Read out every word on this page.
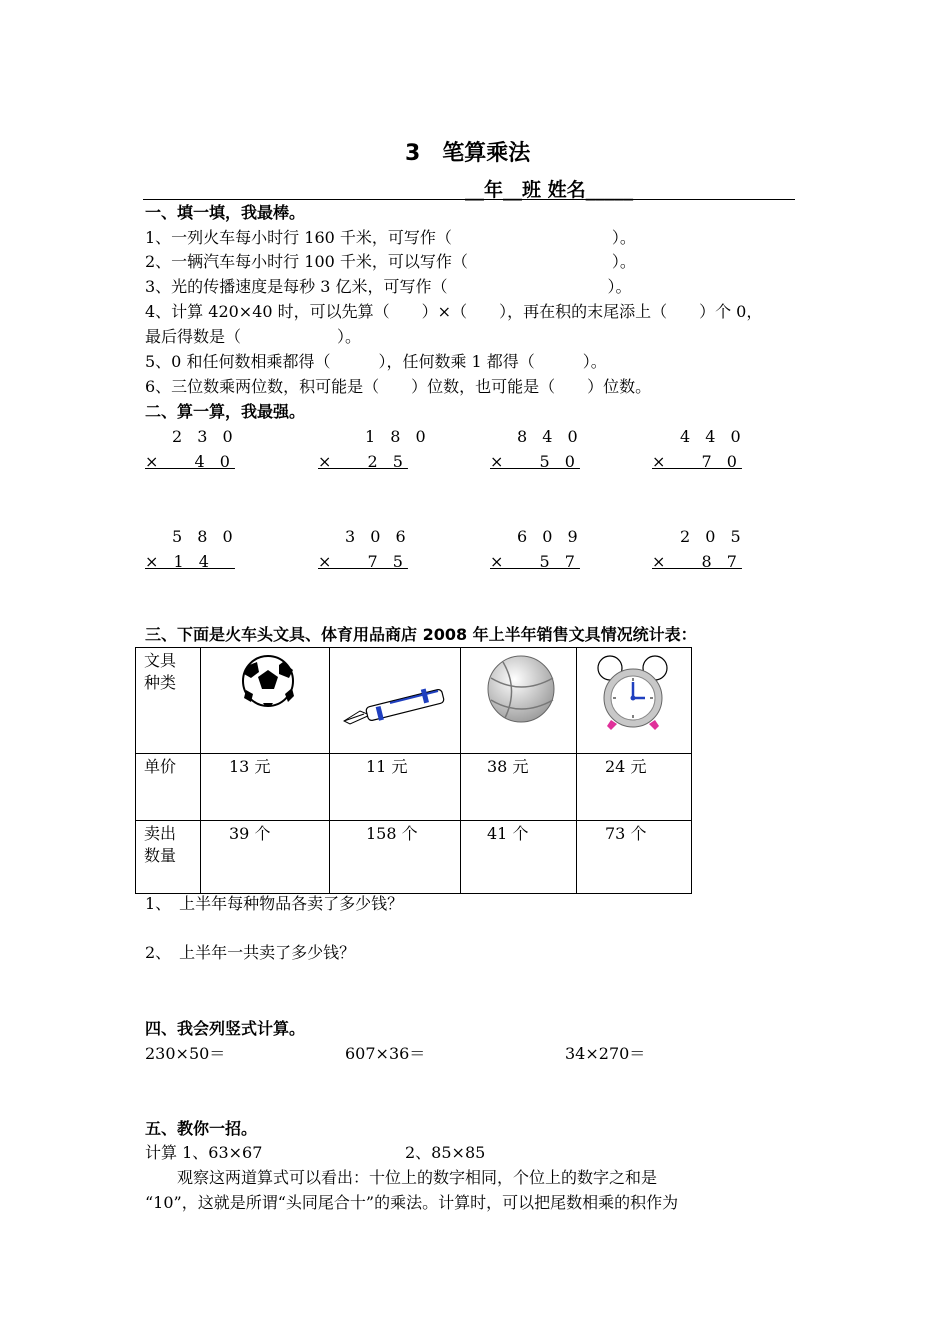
3　笔算乘法
__年__班 姓名_____
一、填一填，我最棒。
1、一列火车每小时行 160 千米，可写作（　　　　　　　　　　）。
2、一辆汽车每小时行 100 千米，可以写作（　　　　　　　　　）。
3、光的传播速度是每秒 3 亿米，可写作（　　　　　　　　　　）。
4、计算 420×40 时，可以先算（　　）×（　　），再在积的末尾添上（　　）个 0，
最后得数是（　　　　　　）。
5、0 和任何数相乘都得（　　　），任何数乘 1 都得（　　　）。
6、三位数乘两位数，积可能是（　　）位数，也可能是（　　）位数。
二、算一算，我最强。
2 3 0
×　 4 0
1 8 0
×　 2 5
8 4 0
×　 5 0
4 4 0
×　 7 0
5 8 0
× 1 4　
3 0 6
×　 7 5
6 0 9
×　 5 7
2 0 5
×　 8 7
三、下面是火车头文具、体育用品商店 2008 年上半年销售文具情况统计表：
文具
种类

单价	13 元	11 元	38 元	24 元

卖出
数量	39 个	158 个	41 个	73 个
1、　上半年每种物品各卖了多少钱？
2、　上半年一共卖了多少钱？
四、我会列竖式计算。
230×50＝	607×36＝	34×270＝
五、教你一招。
计算 1、63×67	2、85×85
观察这两道算式可以看出：十位上的数字相同，个位上的数字之和是
“10”，这就是所谓“头同尾合十”的乘法。计算时，可以把尾数相乘的积作为
